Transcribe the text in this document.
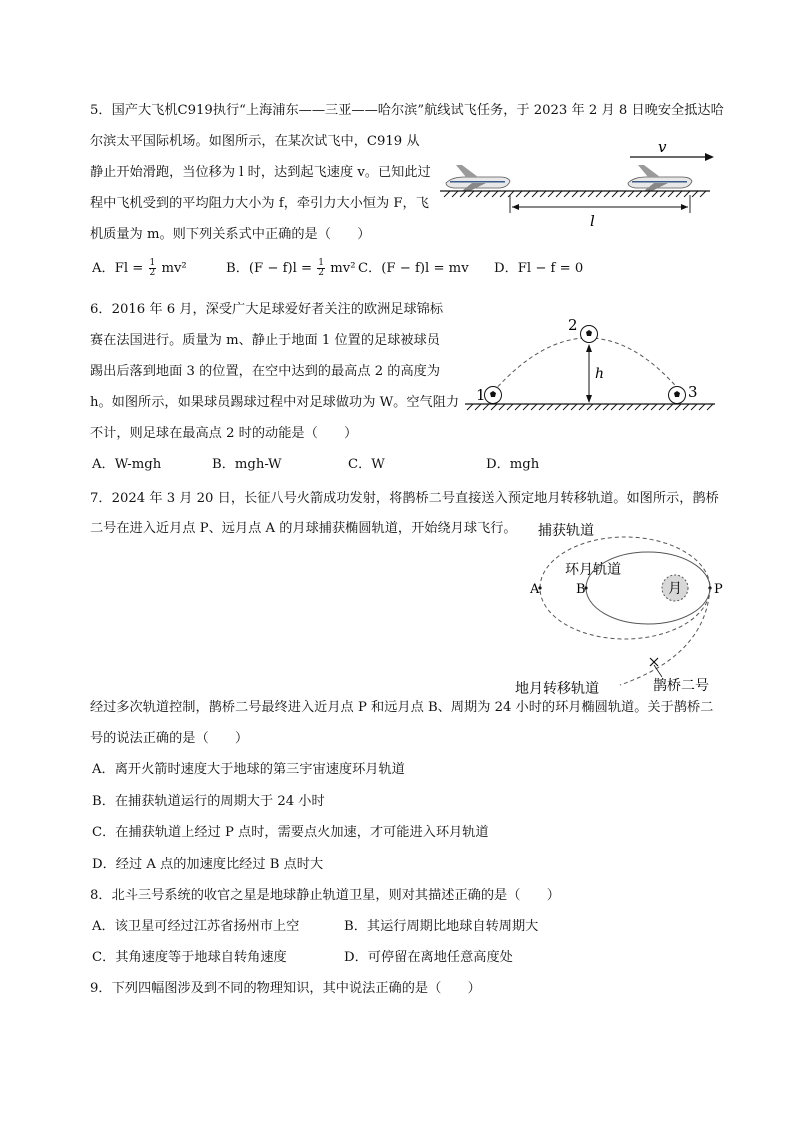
5．国产大飞机C919执行“上海浦东——三亚——哈尔滨”航线试飞任务，于 2023 年 2 月 8 日晚安全抵达哈
尔滨太平国际机场。如图所示，在某次试飞中，C919 从
静止开始滑跑，当位移为 l 时，达到起飞速度 v。已知此过
程中飞机受到的平均阻力大小为 f，牵引力大小恒为 F，飞
机质量为 m。则下列关系式中正确的是（　　）
A．$Fl = \frac{1}{2} mv^2$	B．$(F - f)l = \frac{1}{2} mv^2$ C．(F − f)l = mv D．Fl − f = 0
v
l
6．2016 年 6 月，深受广大足球爱好者关注的欧洲足球锦标
赛在法国进行。质量为 m、静止于地面 1 位置的足球被球员
踢出后落到地面 3 的位置，在空中达到的最高点 2 的高度为
h。如图所示，如果球员踢球过程中对足球做功为 W。空气阻力
不计，则足球在最高点 2 时的动能是（　　）
A．W-mgh	B．mgh-W	C．W	D．mgh
h
1
2
3
7．2024 年 3 月 20 日，长征八号火箭成功发射，将鹊桥二号直接送入预定地月转移轨道。如图所示，鹊桥
二号在进入近月点 P、远月点 A 的月球捕获椭圆轨道，开始绕月球飞行。 捕获轨道
环月轨道
月
A	B	P
地月转移轨道	鹊桥二号
经过多次轨道控制，鹊桥二号最终进入近月点 P 和远月点 B、周期为 24 小时的环月椭圆轨道。关于鹊桥二
号的说法正确的是（　　）
A．离开火箭时速度大于地球的第三宇宙速度环月轨道
B．在捕获轨道运行的周期大于 24 小时
C．在捕获轨道上经过 P 点时，需要点火加速，才可能进入环月轨道
D．经过 A 点的加速度比经过 B 点时大
8．北斗三号系统的收官之星是地球静止轨道卫星，则对其描述正确的是（　　）
A．该卫星可经过江苏省扬州市上空	B．其运行周期比地球自转周期大
C．其角速度等于地球自转角速度	D．可停留在离地任意高度处
9．下列四幅图涉及到不同的物理知识，其中说法正确的是（　　）
